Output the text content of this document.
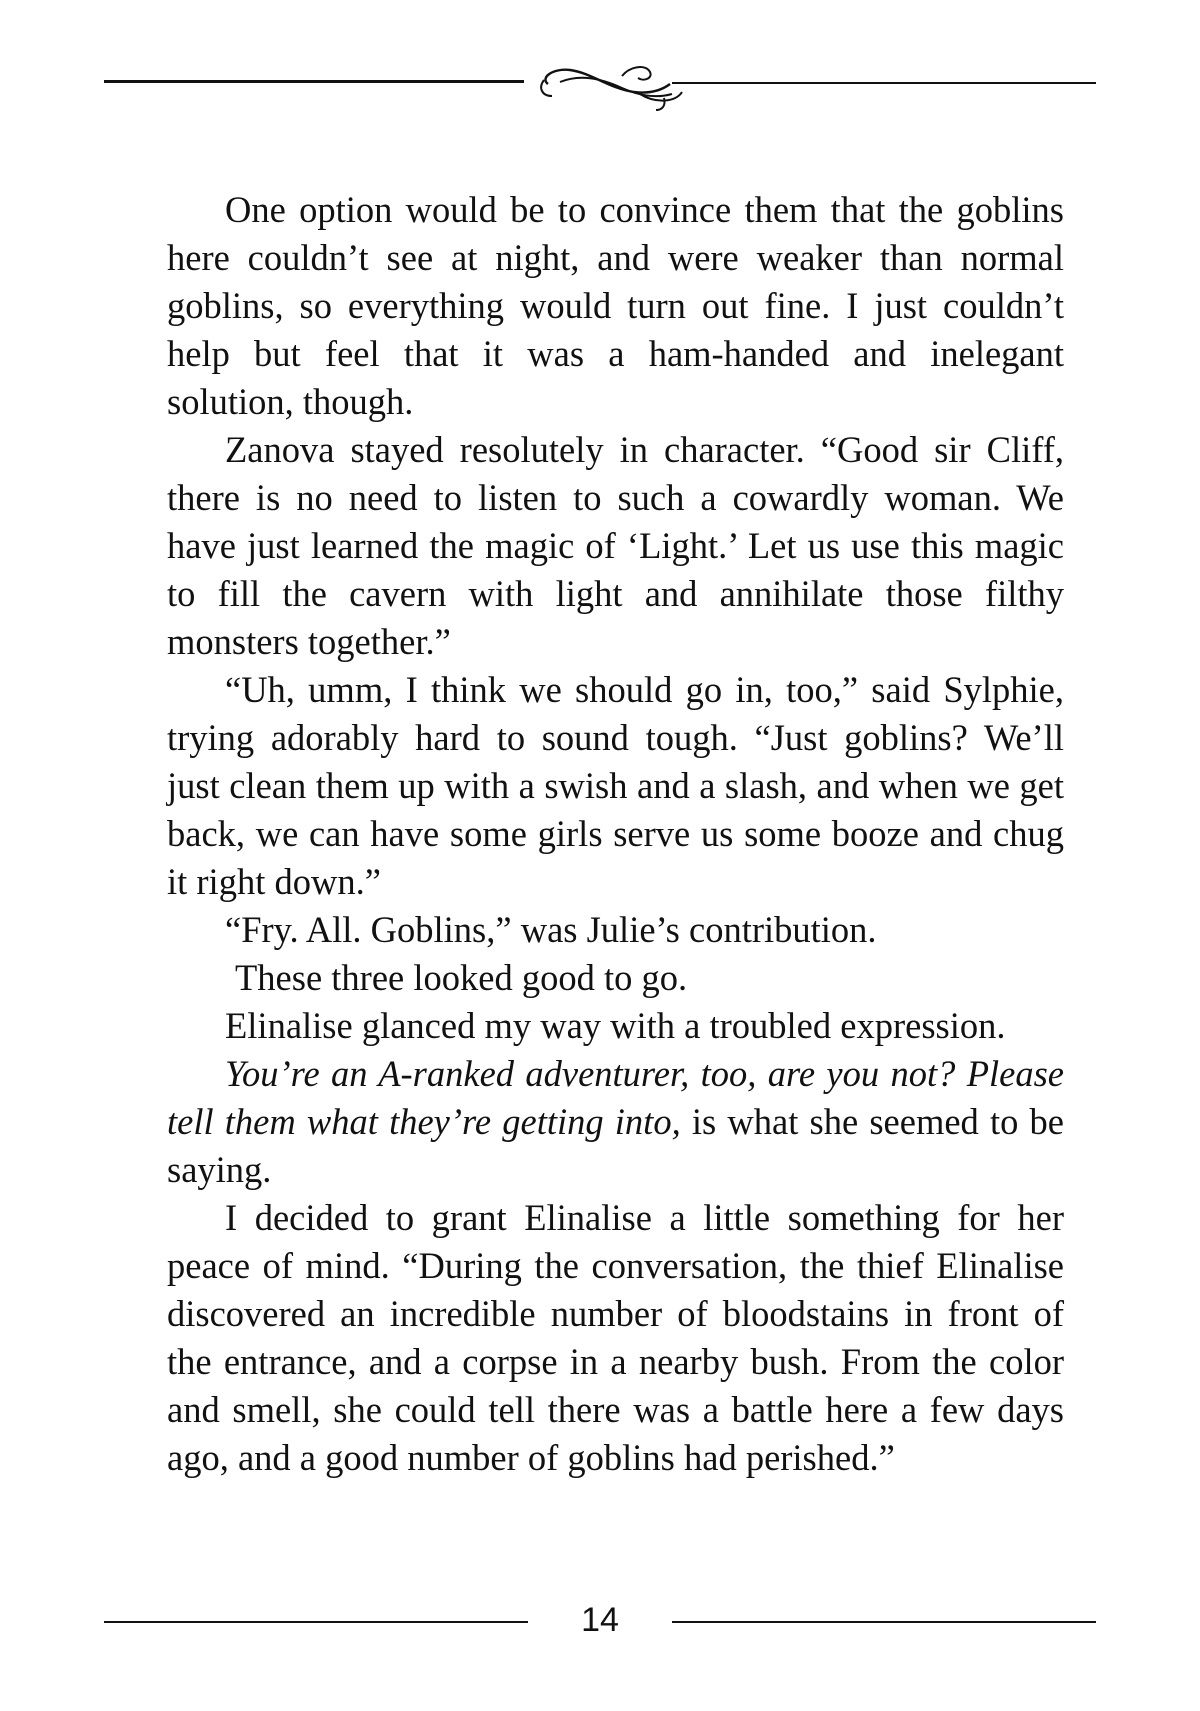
One option would be to convince them that the goblins here couldn’t see at night, and were weaker than normal goblins, so everything would turn out fine. I just couldn’t help but feel that it was a ham-handed and inelegant solution, though.

Zanova stayed resolutely in character. “Good sir Cliff, there is no need to listen to such a cowardly woman. We have just learned the magic of ‘Light.’ Let us use this magic to fill the cavern with light and annihilate those filthy monsters together.”

“Uh, umm, I think we should go in, too,” said Sylphie, trying adorably hard to sound tough. “Just goblins? We’ll just clean them up with a swish and a slash, and when we get back, we can have some girls serve us some booze and chug it right down.”

“Fry. All. Goblins,” was Julie’s contribution.

These three looked good to go.

Elinalise glanced my way with a troubled expression.

You’re an A-ranked adventurer, too, are you not? Please tell them what they’re getting into, is what she seemed to be saying.

I decided to grant Elinalise a little something for her peace of mind. “During the conversation, the thief Elinalise discovered an incredible number of bloodstains in front of the entrance, and a corpse in a nearby bush. From the color and smell, she could tell there was a battle here a few days ago, and a good number of goblins had perished.”

14
